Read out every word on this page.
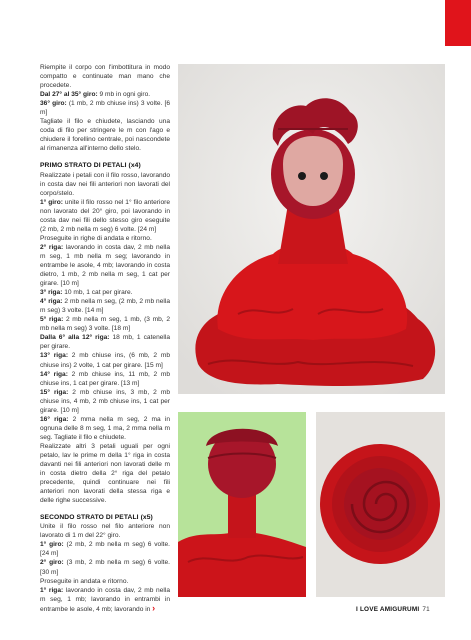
Riempite il corpo con l'imbottitura in modo compatto e continuate man mano che procedete.

Dal 27° al 35° giro: 9 mb in ogni giro.

36° giro: (1 mb, 2 mb chiuse ins) 3 volte. [6 m]

Tagliate il filo e chiudete, lasciando una coda di filo per stringere le m con l'ago e chiudere il forellino centrale, poi nascondete al rimanenza all'interno dello stelo.

PRIMO STRATO DI PETALI (x4)

Realizzate i petali con il filo rosso, lavorando in costa dav nei fili anteriori non lavorati del corpo/stelo.

1° giro: unite il filo rosso nel 1° filo anteriore non lavorato del 20° giro, poi lavorando in costa dav nei fili dello stesso giro eseguite (2 mb, 2 mb nella m seg) 6 volte. [24 m]

Proseguite in righe di andata e ritorno.

2° riga: lavorando in costa dav, 2 mb nella m seg, 1 mb nella m seg; lavorando in entrambe le asole, 4 mb; lavorando in costa dietro, 1 mb, 2 mb nella m seg, 1 cat per girare. [10 m]

3° riga: 10 mb, 1 cat per girare.

4° riga: 2 mb nella m seg, (2 mb, 2 mb nella m seg) 3 volte. [14 m]

5° riga: 2 mb nella m seg, 1 mb, (3 mb, 2 mb nella m seg) 3 volte. [18 m]

Dalla 6° alla 12° riga: 18 mb, 1 catenella per girare.

13° riga: 2 mb chiuse ins, (6 mb, 2 mb chiuse ins) 2 volte, 1 cat per girare. [15 m]

14° riga: 2 mb chiuse ins, 11 mb, 2 mb chiuse ins, 1 cat per girare. [13 m]

15° riga: 2 mb chiuse ins, 3 mb, 2 mb chiuse ins, 4 mb, 2 mb chiuse ins, 1 cat per girare. [10 m]

16° riga: 2 mma nella m seg, 2 ma in ognuna delle 8 m seg, 1 ma, 2 mma nella m seg. Tagliate il filo e chiudete.

Realizzate altri 3 petali uguali per ogni petalo, lav le prime m della 1° riga in costa davanti nei fili anteriori non lavorati delle m in costa dietro della 2° riga del petalo precedente, quindi continuare nei fili anteriori non lavorati della stessa riga e delle righe successive.

SECONDO STRATO DI PETALI (x5)

Unite il filo rosso nel filo anteriore non lavorato di 1 m del 22° giro.

1° giro: (2 mb, 2 mb nella m seg) 6 volte. [24 m]

2° giro: (3 mb, 2 mb nella m seg) 6 volte. [30 m]

Proseguite in andata e ritorno.

1° riga: lavorando in costa dav, 2 mb nella m seg, 1 mb; lavorando in entrambi in entrambe le asole, 4 mb; lavorando in ›	I LOVE AMIGURUMI 71
